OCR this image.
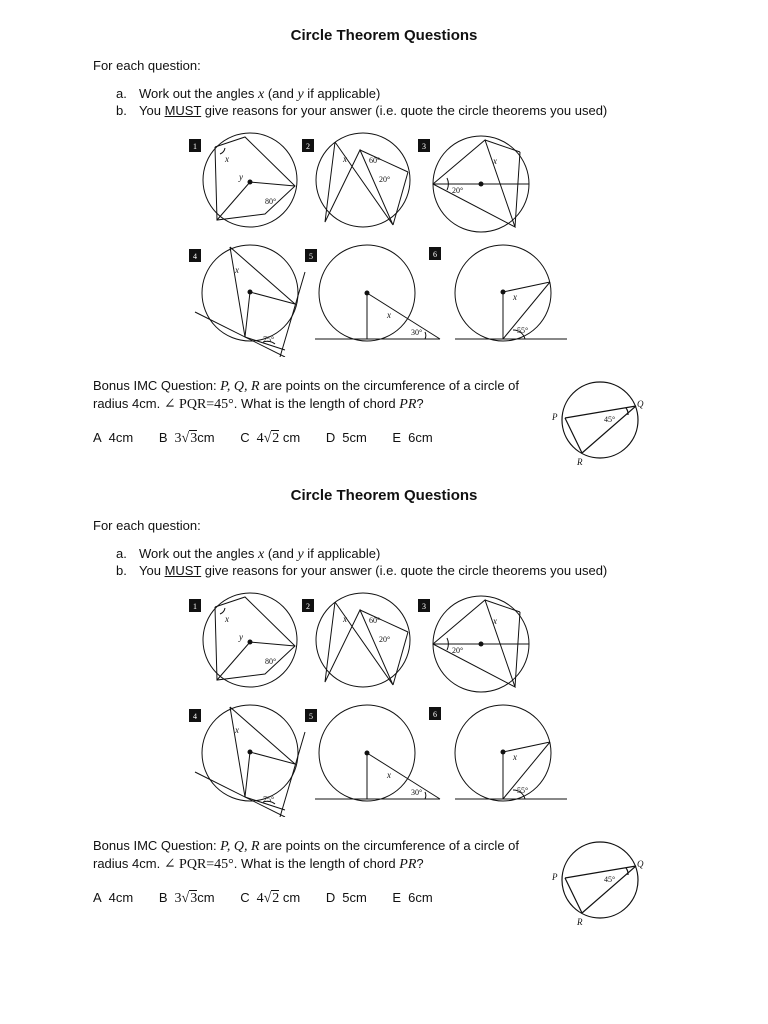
Circle Theorem Questions
For each question:
a. Work out the angles x (and y if applicable)
b. You MUST give reasons for your answer (i.e. quote the circle theorems you used)
1	2	3
4	5	6
x
y
x	x
x
x
x
80°
60°
20°
20°
75°
30°	55°
Bonus IMC Question: P, Q, R are points on the circumference of a circle of radius 4cm. ∠ PQR=45°. What is the length of chord PR?
A 4cm B 3√3cm C 4√2 cm D 5cm E 6cm
P
Q
R
45°
Circle Theorem Questions
For each question:
a. Work out the angles x (and y if applicable)
b. You MUST give reasons for your answer (i.e. quote the circle theorems you used)
1	2	3
4	5	6
x
y
x	x
x
x
x
80°
60°
20°
20°
75°
30°	55°
Bonus IMC Question: P, Q, R are points on the circumference of a circle of radius 4cm. ∠ PQR=45°. What is the length of chord PR?
A 4cm B 3√3cm C 4√2 cm D 5cm E 6cm
P
Q
R
45°
